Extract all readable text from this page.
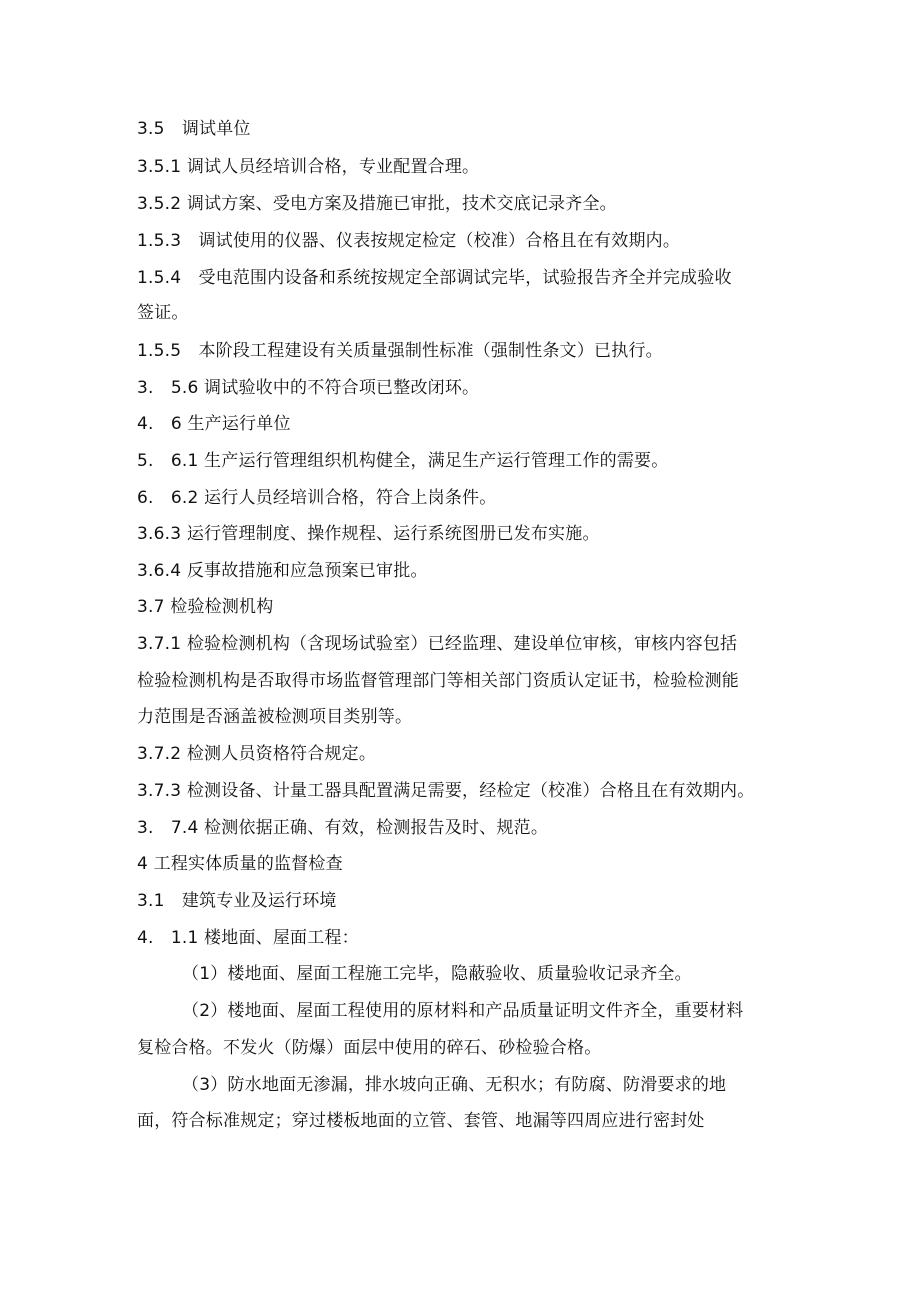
3.5　调试单位
3.5.1 调试人员经培训合格，专业配置合理。
3.5.2 调试方案、受电方案及措施已审批，技术交底记录齐全。
1.5.3　调试使用的仪器、仪表按规定检定（校准）合格且在有效期内。
1.5.4　受电范围内设备和系统按规定全部调试完毕，试验报告齐全并完成验收
签证。
1.5.5　本阶段工程建设有关质量强制性标准（强制性条文）已执行。
3.　5.6 调试验收中的不符合项已整改闭环。
4.　6 生产运行单位
5.　6.1 生产运行管理组织机构健全，满足生产运行管理工作的需要。
6.　6.2 运行人员经培训合格，符合上岗条件。
3.6.3 运行管理制度、操作规程、运行系统图册已发布实施。
3.6.4 反事故措施和应急预案已审批。
3.7 检验检测机构
3.7.1 检验检测机构（含现场试验室）已经监理、建设单位审核，审核内容包括
检验检测机构是否取得市场监督管理部门等相关部门资质认定证书，检验检测能
力范围是否涵盖被检测项目类别等。
3.7.2 检测人员资格符合规定。
3.7.3 检测设备、计量工器具配置满足需要，经检定（校准）合格且在有效期内。
3.　7.4 检测依据正确、有效，检测报告及时、规范。
4 工程实体质量的监督检查
3.1　建筑专业及运行环境
4.　1.1 楼地面、屋面工程：
（1）楼地面、屋面工程施工完毕，隐蔽验收、质量验收记录齐全。
（2）楼地面、屋面工程使用的原材料和产品质量证明文件齐全，重要材料
复检合格。不发火（防爆）面层中使用的碎石、砂检验合格。
（3）防水地面无渗漏，排水坡向正确、无积水；有防腐、防滑要求的地
面，符合标准规定；穿过楼板地面的立管、套管、地漏等四周应进行密封处
